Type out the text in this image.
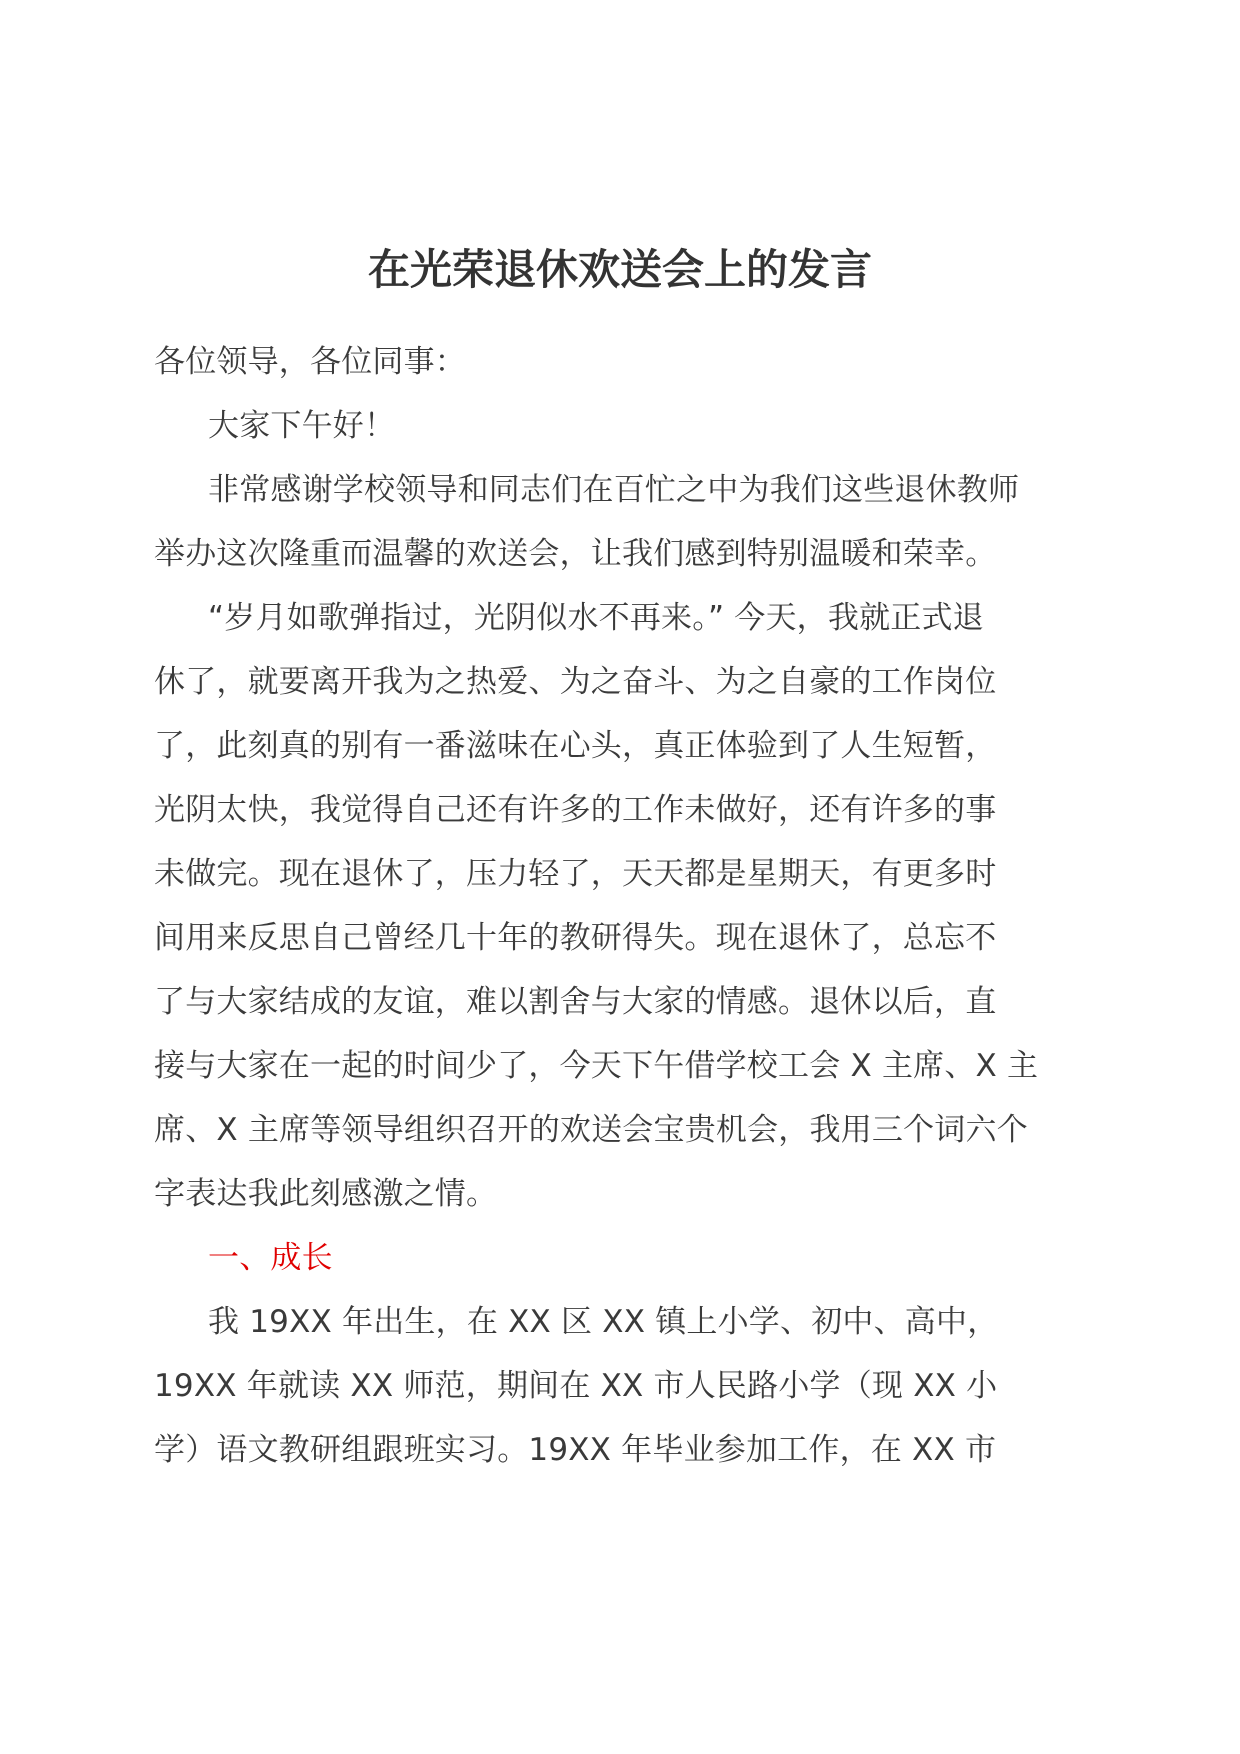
在光荣退休欢送会上的发言

各位领导，各位同事：

大家下午好！

非常感谢学校领导和同志们在百忙之中为我们这些退休教师

举办这次隆重而温馨的欢送会，让我们感到特别温暖和荣幸。

“岁月如歌弹指过，光阴似水不再来。” 今天，我就正式退

休了，就要离开我为之热爱、为之奋斗、为之自豪的工作岗位

了，此刻真的别有一番滋味在心头，真正体验到了人生短暂，

光阴太快，我觉得自己还有许多的工作未做好，还有许多的事

未做完。现在退休了，压力轻了，天天都是星期天，有更多时

间用来反思自己曾经几十年的教研得失。现在退休了，总忘不

了与大家结成的友谊，难以割舍与大家的情感。退休以后，直

接与大家在一起的时间少了，今天下午借学校工会 X 主席、X 主

席、X 主席等领导组织召开的欢送会宝贵机会，我用三个词六个

字表达我此刻感激之情。

一、成长

我 19XX 年出生，在 XX 区 XX 镇上小学、初中、高中，

19XX 年就读 XX 师范，期间在 XX 市人民路小学（现 XX 小

学）语文教研组跟班实习。19XX 年毕业参加工作，在 XX 市
